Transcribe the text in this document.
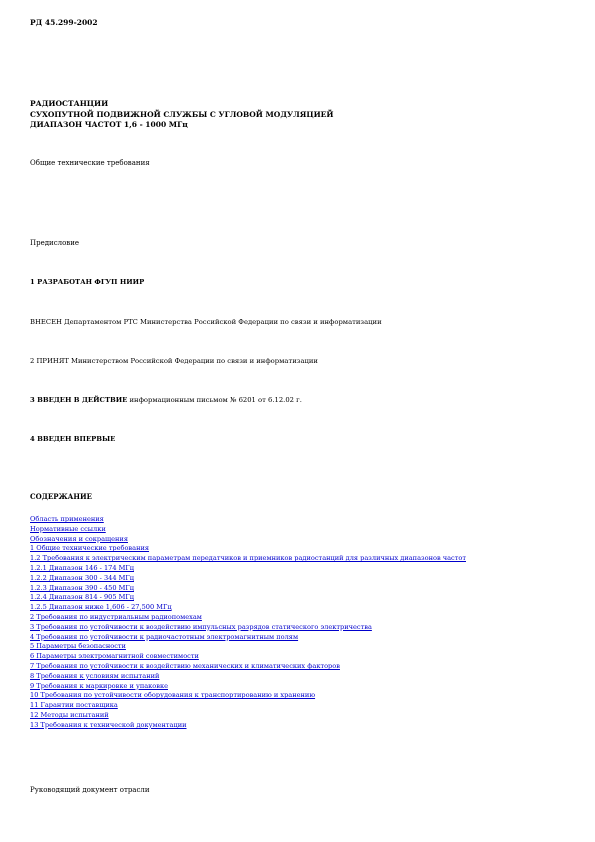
РД 45.299-2002
РАДИОСТАНЦИИ
СУХОПУТНОЙ ПОДВИЖНОЙ СЛУЖБЫ С УГЛОВОЙ МОДУЛЯЦИЕЙ
ДИАПАЗОН ЧАСТОТ 1,6 - 1000 МГц
Общие технические требования
Предисловие
1 РАЗРАБОТАН ФГУП НИИР
ВНЕСЕН Департаментом РТС Министерства Российской Федерации по связи и информатизации
2 ПРИНЯТ Министерством Российской Федерации по связи и информатизации
3 ВВЕДЕН В ДЕЙСТВИЕ информационным письмом № 6201 от 6.12.02 г.
4 ВВЕДЕН ВПЕРВЫЕ
СОДЕРЖАНИЕ
Область применения
Нормативные ссылки
Обозначения и сокращения
1 Общие технические требования
1.2 Требования к электрическим параметрам передатчиков и приемников радиостанций для различных диапазонов частот
1.2.1 Диапазон 146 - 174 МГц
1.2.2 Диапазон 300 - 344 МГц
1.2.3 Диапазон 390 - 450 МГц
1.2.4 Диапазон 814 - 905 МГц
1.2.5 Диапазон ниже 1,606 - 27,500 МГц
2 Требования по индустриальным радиопомехам
3 Требования по устойчивости к воздействию импульсных разрядов статического электричества
4 Требования по устойчивости к радиочастотным электромагнитным полям
5 Параметры безопасности
6 Параметры электромагнитной совместимости
7 Требования по устойчивости к воздействию механических и климатических факторов
8 Требования к условиям испытаний
9 Требования к маркировке и упаковке
10 Требования по устойчивости оборудования к транспортированию и хранению
11 Гарантии поставщика
12 Методы испытаний
13 Требования к технической документации
Руководящий документ отрасли
